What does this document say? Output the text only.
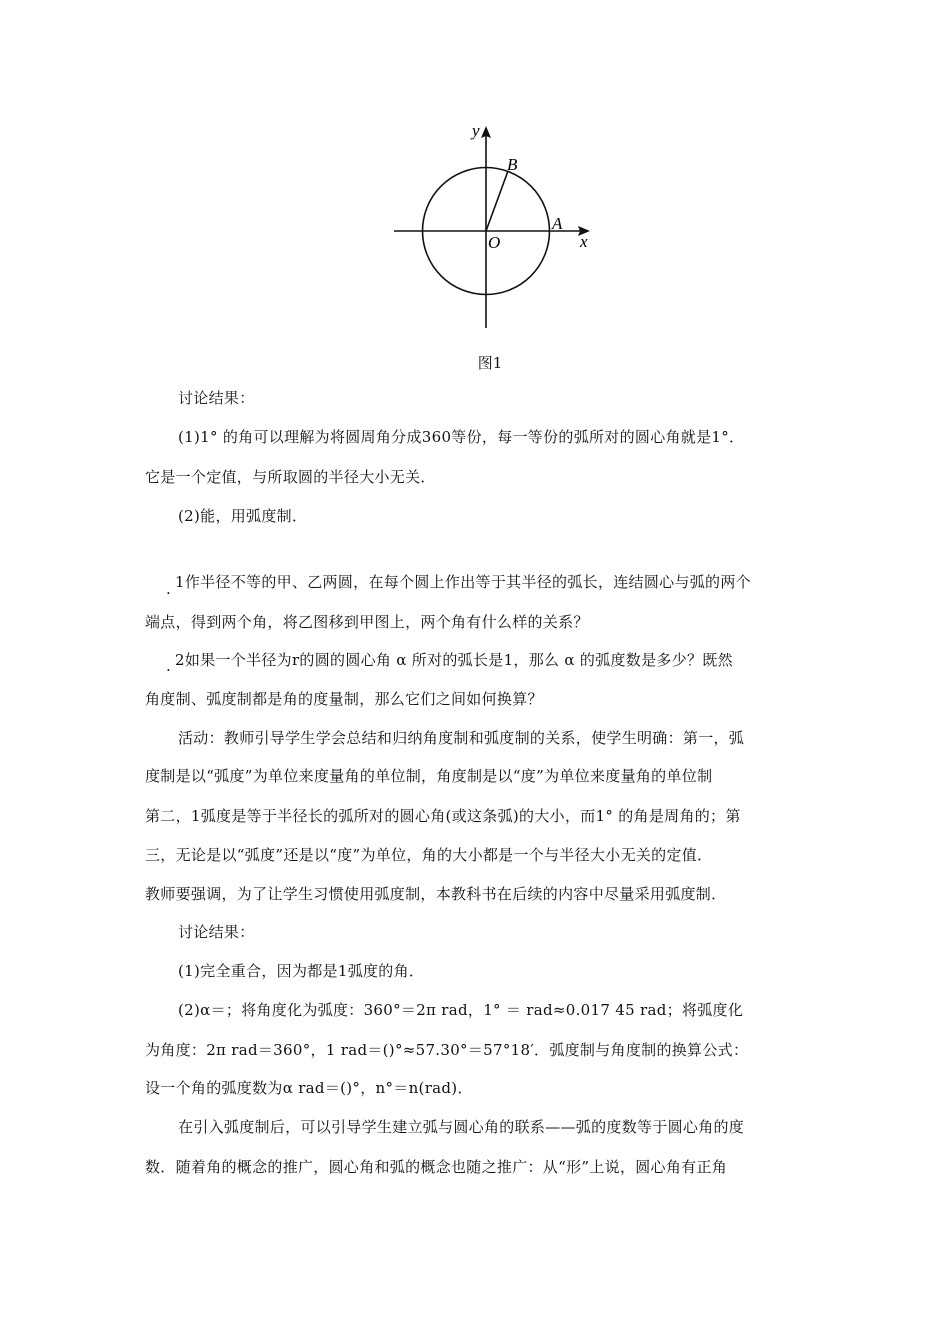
y
x
B
A
O
图1
讨论结果：
(1)1° 的角可以理解为将圆周角分成360等份，每一等份的弧所对的圆心角就是1°．
它是一个定值，与所取圆的半径大小无关．
(2)能，用弧度制．
. 1作半径不等的甲、乙两圆，在每个圆上作出等于其半径的弧长，连结圆心与弧的两个
端点，得到两个角，将乙图移到甲图上，两个角有什么样的关系？
. 2如果一个半径为r的圆的圆心角 α 所对的弧长是1，那么 α 的弧度数是多少？既然
角度制、弧度制都是角的度量制，那么它们之间如何换算？
活动：教师引导学生学会总结和归纳角度制和弧度制的关系，使学生明确：第一，弧
度制是以“弧度”为单位来度量角的单位制，角度制是以“度”为单位来度量角的单位制
第二，1弧度是等于半径长的弧所对的圆心角(或这条弧)的大小，而1° 的角是周角的；第
三，无论是以“弧度”还是以“度”为单位，角的大小都是一个与半径大小无关的定值．
教师要强调，为了让学生习惯使用弧度制，本教科书在后续的内容中尽量采用弧度制．
讨论结果：
(1)完全重合，因为都是1弧度的角．
(2)α＝；将角度化为弧度：360°＝2π rad，1° ＝ rad≈0.017 45 rad；将弧度化
为角度：2π rad＝360°，1 rad＝()°≈57.30°＝57°18′．弧度制与角度制的换算公式：
设一个角的弧度数为α rad＝()°，n°＝n(rad)．
在引入弧度制后，可以引导学生建立弧与圆心角的联系——弧的度数等于圆心角的度
数．随着角的概念的推广，圆心角和弧的概念也随之推广：从“形”上说，圆心角有正角
